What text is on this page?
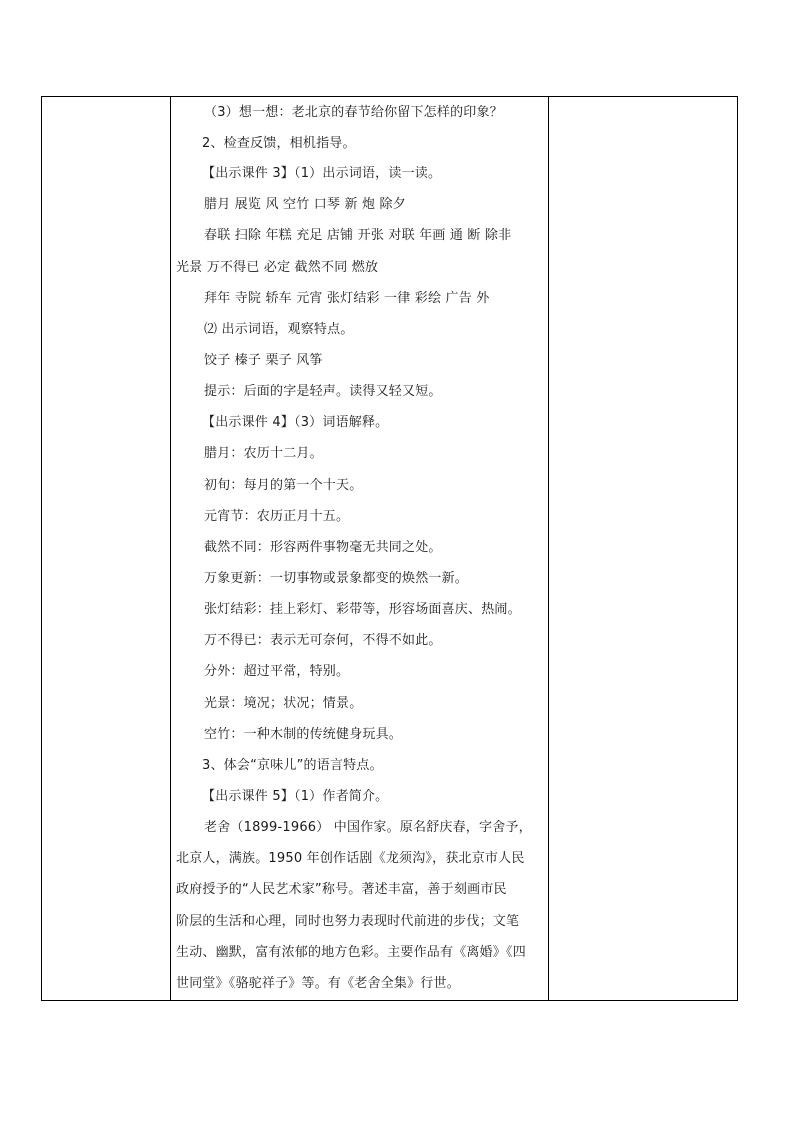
（3）想一想：老北京的春节给你留下怎样的印象？
2、检查反馈，相机指导。
【出示课件 3】（1）出示词语，读一读。
腊月 展览 风 空竹 口琴 新 炮 除夕
春联 扫除 年糕 充足 店铺 开张 对联 年画 通 断 除非
光景 万不得已 必定 截然不同 燃放
拜年 寺院 轿车 元宵 张灯结彩 一律 彩绘 广告 外
⑵ 出示词语，观察特点。
饺子 榛子 栗子 风筝
提示：后面的字是轻声。读得又轻又短。
【出示课件 4】（3）词语解释。
腊月：农历十二月。
初旬：每月的第一个十天。
元宵节：农历正月十五。
截然不同：形容两件事物毫无共同之处。
万象更新：一切事物或景象都变的焕然一新。
张灯结彩：挂上彩灯、彩带等，形容场面喜庆、热闹。
万不得已：表示无可奈何，不得不如此。
分外：超过平常，特别。
光景：境况；状况；情景。
空竹：一种木制的传统健身玩具。
3、体会“京味儿”的语言特点。
【出示课件 5】（1）作者简介。
老舍（1899-1966） 中国作家。原名舒庆春，字舍予，
北京人，满族。1950 年创作话剧《龙须沟》，获北京市人民
政府授予的“人民艺术家”称号。著述丰富，善于刻画市民
阶层的生活和心理，同时也努力表现时代前进的步伐；文笔
生动、幽默，富有浓郁的地方色彩。主要作品有《离婚》《四
世同堂》《骆驼祥子》等。有《老舍全集》行世。
